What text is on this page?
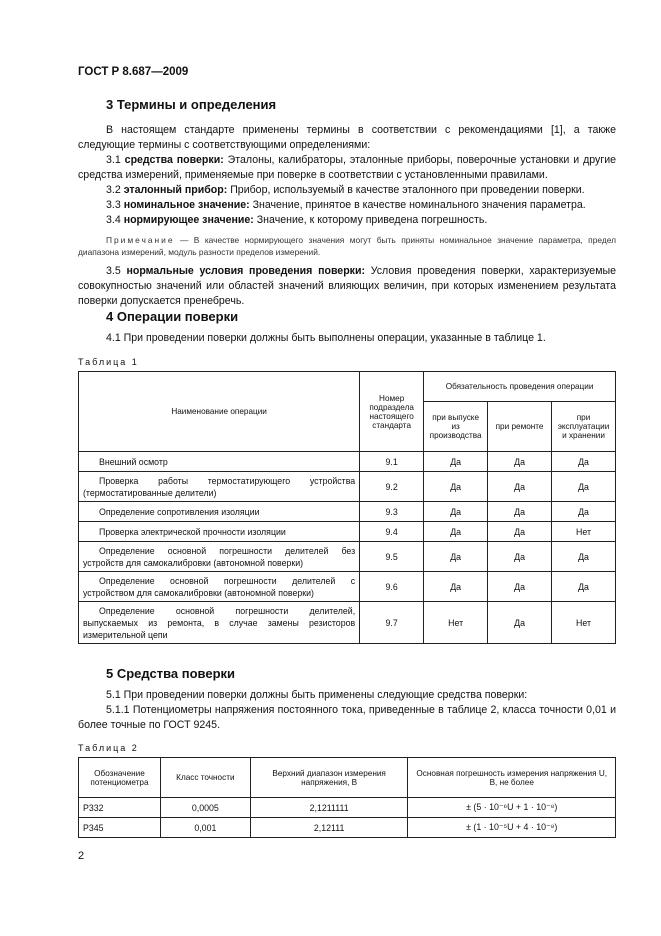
ГОСТ Р 8.687—2009
3 Термины и определения
В настоящем стандарте применены термины в соответствии с рекомендациями [1], а также следующие термины с соответствующими определениями:
3.1 средства поверки: Эталоны, калибраторы, эталонные приборы, поверочные установки и другие средства измерений, применяемые при поверке в соответствии с установленными правилами.
3.2 эталонный прибор: Прибор, используемый в качестве эталонного при проведении поверки.
3.3 номинальное значение: Значение, принятое в качестве номинального значения параметра.
3.4 нормирующее значение: Значение, к которому приведена погрешность.
Примечание — В качестве нормирующего значения могут быть приняты номинальное значение параметра, предел диапазона измерений, модуль разности пределов измерений.
3.5 нормальные условия проведения поверки: Условия проведения поверки, характеризуемые совокупностью значений или областей значений влияющих величин, при которых изменением результата поверки допускается пренебречь.
4 Операции поверки
4.1 При проведении поверки должны быть выполнены операции, указанные в таблице 1.
Таблица 1
Наименование операции	Номер подраздела настоящего стандарта	Обязательность проведения операции		
		при выпуске из производства	при ремонте	при эксплуатации и хранении
Внешний осмотр	9.1	Да	Да	Да
Проверка работы термостатирующего устройства (термостатированные делители)	9.2	Да	Да	Да
Определение сопротивления изоляции	9.3	Да	Да	Да
Проверка электрической прочности изоляции	9.4	Да	Да	Нет
Определение основной погрешности делителей без устройств для самокалибровки (автономной поверки)	9.5	Да	Да	Да
Определение основной погрешности делителей с устройством для самокалибровки (автономной поверки)	9.6	Да	Да	Да
Определение основной погрешности делителей, выпускаемых из ремонта, в случае замены резисторов измерительной цепи	9.7	Нет	Да	Нет
5 Средства поверки
5.1 При проведении поверки должны быть применены следующие средства поверки:
5.1.1 Потенциометры напряжения постоянного тока, приведенные в таблице 2, класса точности 0,01 и более точные по ГОСТ 9245.
Таблица 2
Обозначение потенциометра	Класс точности	Верхний диапазон измерения напряжения, В	Основная погрешность измерения напряжения U, В, не более
Р332	0,0005	2,1211111	± (5 · 10⁻⁶U + 1 · 10⁻⁸)
Р345	0,001	2,12111	± (1 · 10⁻⁵U + 4 · 10⁻⁸)
2
